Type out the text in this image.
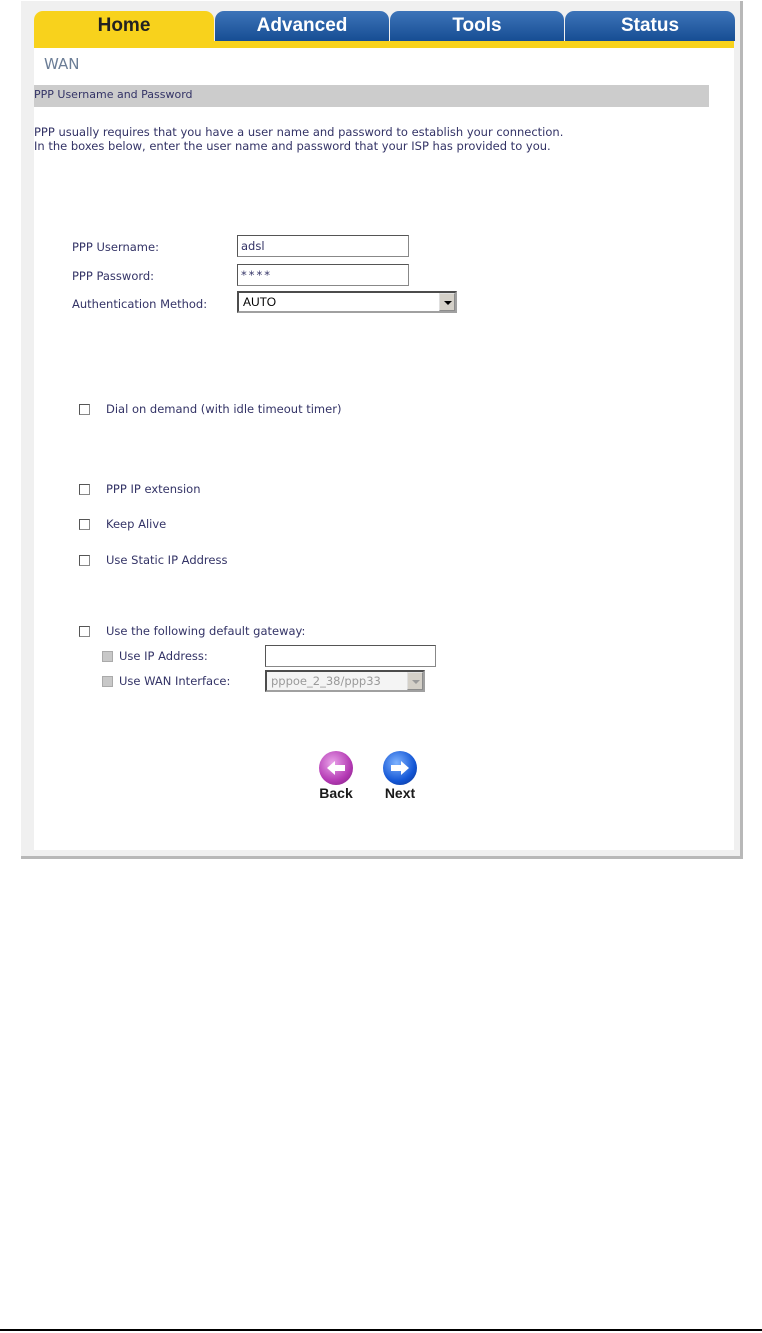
Home	Advanced	Tools	Status
WAN
PPP Username and Password
PPP usually requires that you have a user name and password to establish your connection.
In the boxes below, enter the user name and password that your ISP has provided to you.
PPP Username:	adsl
PPP Password:	****
Authentication Method:	AUTO
Dial on demand (with idle timeout timer)
PPP IP extension
Keep Alive
Use Static IP Address
Use the following default gateway:
Use IP Address:
Use WAN Interface:	pppoe_2_38/ppp33
Back	Next
